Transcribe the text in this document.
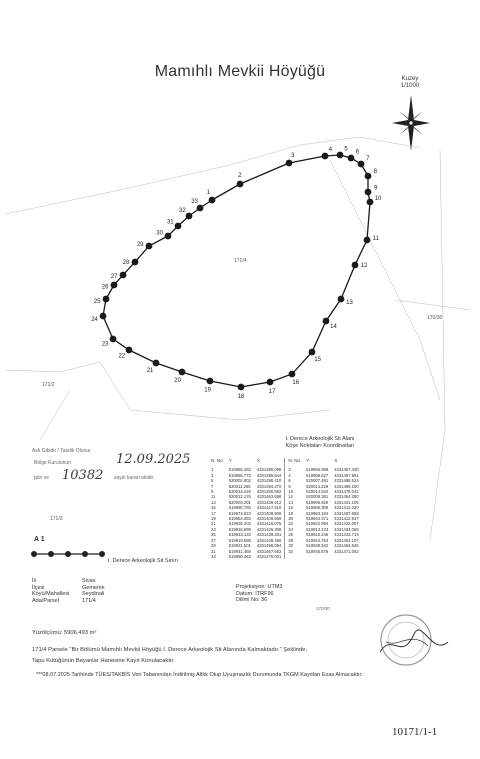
Mamıhlı Mevkii Höyüğü	Kuzey
1/1000
1
2
3
4 5
6
7
8
9
10
11
12
13
14
15
16
17
18
19
20
21
22
23
24
25
26
27
28
29
30
31
32
33
171/4
171/2
171/3
170/30
I. Derece Arkeolojik Sit Alanı
Köşe Noktaları Koordinatları
N. No	Y	X	N. No	Y	X
1	519985.262	4331480.096	2	519966.998	4331467.430
3	519985.773	4331495.644	4	519996.627	4331497.991
5	520002.802	4331498.410	6	520007.481	4331498.524
7	520011.266	4331494.470	8	520014.229	4331489.190
9	520014.229	4331480.682	10	520014.522	4331478.042
11	520012.176	4331463.688	12	520008.361	4331454.280
13	520003.201	4331439.612	14	519996.920	4331431.105
15	519990.760	4331417.510	16	519986.306	4331412.330
17	519974.623	4331408.806	18	519963.184	4331407.658
19	519954.383	4331409.669	20	519944.371	4331412.947
21	519935.203	4331416.075	22	519922.994	4331422.007
23	519916.699	4331426.308	24	519913.133	4331434.069
25	519913.133	4331439.331	26	519916.245	4331443.719
27	519919.585	4331449.496	28	519924.754	4331453.107
29	519931.501	4331458.094	30	519938.542	4331464.545
31	519941.465	4331467.662	32	519945.676	4331471.082
33	519950.463	4331476.001			
Aslı Gibidir / Tasdik Olunur
Bölge Kurulunun	12.09.2025
gün ve 10382 sayılı kararı ekidir.
A 1
I. Derece Arkeolojik Sit Sınırı
İli	Sivas
İlçesi	Gemerek
Köyü/Mahallesi	Seydinali
Ada/Parsel	171/4
Projeksiyon: UTM3
Datum: ITRF96
Dilimi No: 36
170/30
Yüzölçümü: 5906.493 m²
171/4 Parsele "Bir Bölümü Mamıhlı Mevkii Höyüğü I. Derece Arkeolojik Sit Alanında Kalmaktadır." Şeklinde,
Tapu Kütüğünün Beyanlar Hanesine Kayıt Konulacaktır.
***08.07.2025 Tarihinde TÜES/TAKBİS Veri Tabanından İndirilmiş Altlık Olup Uyuşmazlık Durumunda TKGM Kayıtları Esas Alınacaktır.
10171/1-1
